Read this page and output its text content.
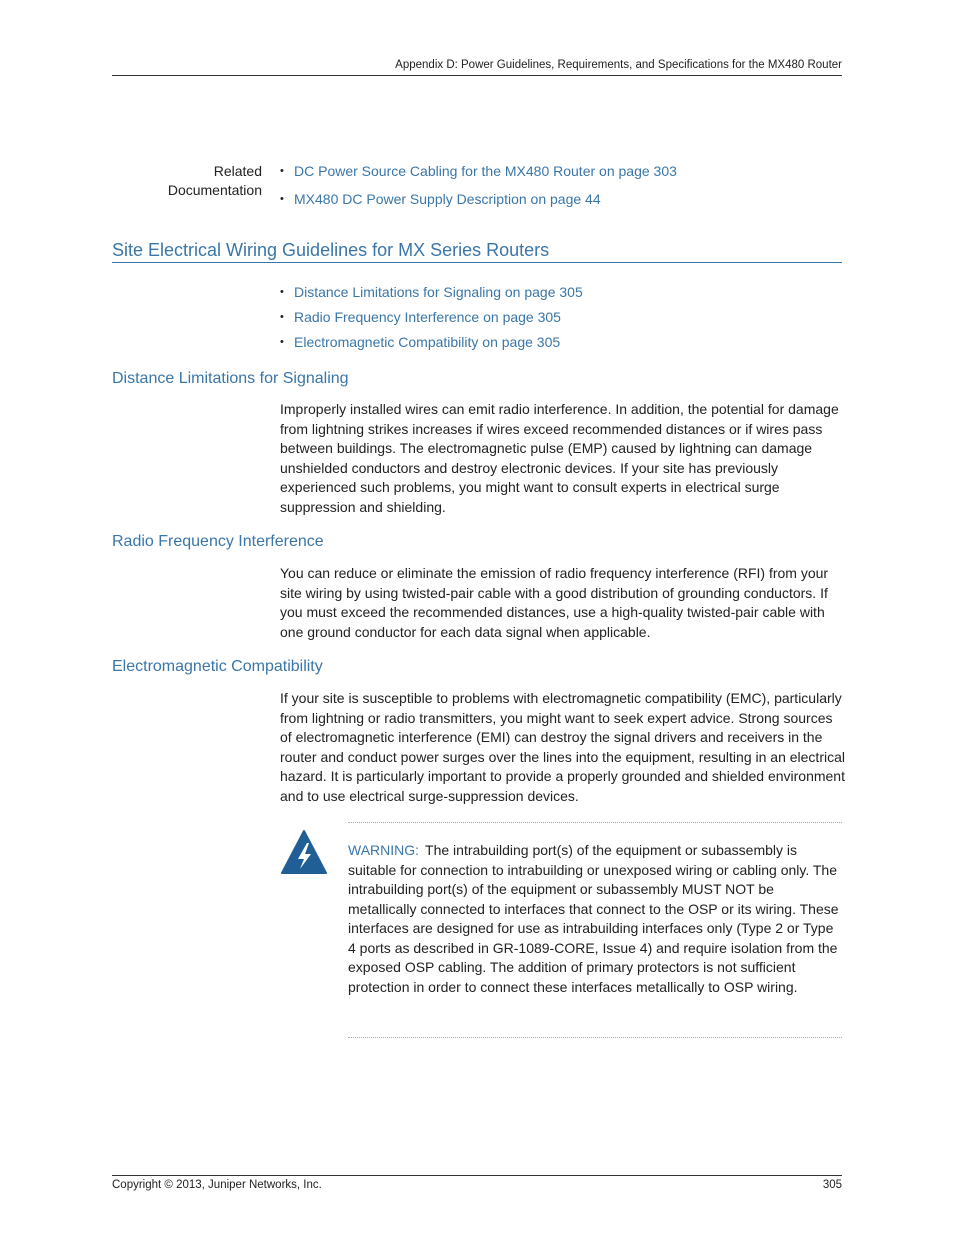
Appendix D: Power Guidelines, Requirements, and Specifications for the MX480 Router
Related
Documentation
• DC Power Source Cabling for the MX480 Router on page 303
• MX480 DC Power Supply Description on page 44
Site Electrical Wiring Guidelines for MX Series Routers
• Distance Limitations for Signaling on page 305
• Radio Frequency Interference on page 305
• Electromagnetic Compatibility on page 305
Distance Limitations for Signaling
Improperly installed wires can emit radio interference. In addition, the potential for damage from lightning strikes increases if wires exceed recommended distances or if wires pass between buildings. The electromagnetic pulse (EMP) caused by lightning can damage unshielded conductors and destroy electronic devices. If your site has previously experienced such problems, you might want to consult experts in electrical surge suppression and shielding.
Radio Frequency Interference
You can reduce or eliminate the emission of radio frequency interference (RFI) from your site wiring by using twisted-pair cable with a good distribution of grounding conductors. If you must exceed the recommended distances, use a high-quality twisted-pair cable with one ground conductor for each data signal when applicable.
Electromagnetic Compatibility
If your site is susceptible to problems with electromagnetic compatibility (EMC), particularly from lightning or radio transmitters, you might want to seek expert advice. Strong sources of electromagnetic interference (EMI) can destroy the signal drivers and receivers in the router and conduct power surges over the lines into the equipment, resulting in an electrical hazard. It is particularly important to provide a properly grounded and shielded environment and to use electrical surge-suppression devices.
WARNING: The intrabuilding port(s) of the equipment or subassembly is suitable for connection to intrabuilding or unexposed wiring or cabling only. The intrabuilding port(s) of the equipment or subassembly MUST NOT be metallically connected to interfaces that connect to the OSP or its wiring. These interfaces are designed for use as intrabuilding interfaces only (Type 2 or Type 4 ports as described in GR-1089-CORE, Issue 4) and require isolation from the exposed OSP cabling. The addition of primary protectors is not sufficient protection in order to connect these interfaces metallically to OSP wiring.
Copyright © 2013, Juniper Networks, Inc.	305
